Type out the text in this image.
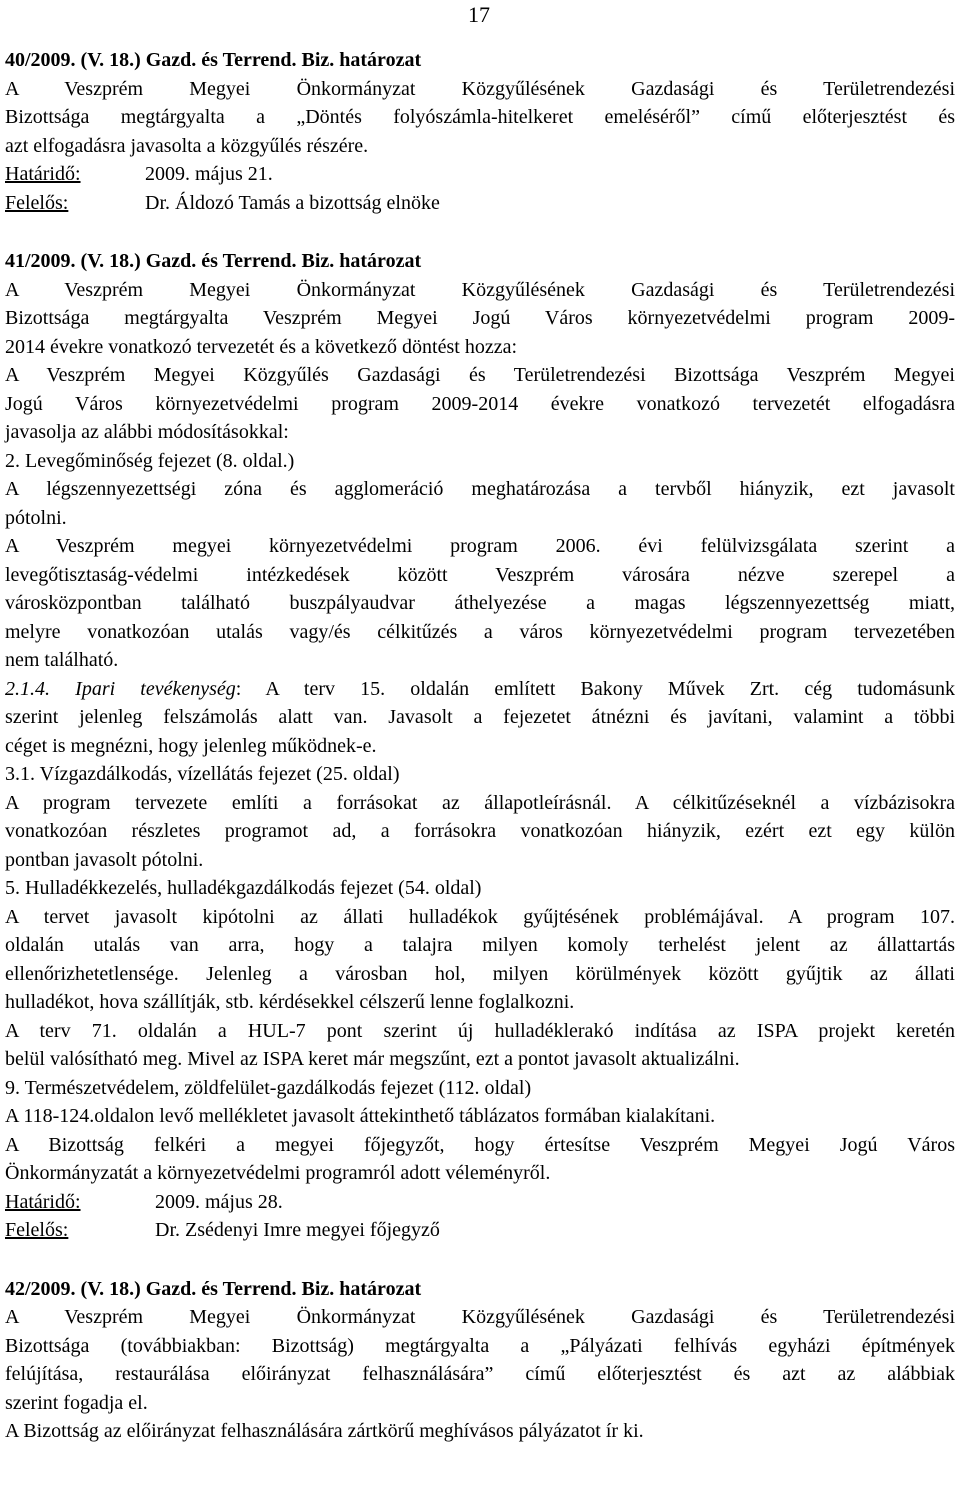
17
40/2009. (V. 18.) Gazd. és Terrend. Biz. határozat
A Veszprém Megyei Önkormányzat Közgyűlésének Gazdasági és Területrendezési
Bizottsága megtárgyalta a „Döntés folyószámla-hitelkeret emeléséről” című előterjesztést és
azt elfogadásra javasolta a közgyűlés részére.
Határidő:	2009. május 21.
Felelős:	Dr. Áldozó Tamás a bizottság elnöke
41/2009. (V. 18.) Gazd. és Terrend. Biz. határozat
A Veszprém Megyei Önkormányzat Közgyűlésének Gazdasági és Területrendezési
Bizottsága megtárgyalta Veszprém Megyei Jogú Város környezetvédelmi program 2009-
2014 évekre vonatkozó tervezetét és a következő döntést hozza:
A Veszprém Megyei Közgyűlés Gazdasági és Területrendezési Bizottsága Veszprém Megyei
Jogú Város környezetvédelmi program 2009-2014 évekre vonatkozó tervezetét elfogadásra
javasolja az alábbi módosításokkal:
2. Levegőminőség fejezet (8. oldal.)
A légszennyezettségi zóna és agglomeráció meghatározása a tervből hiányzik, ezt javasolt
pótolni.
A Veszprém megyei környezetvédelmi program 2006. évi felülvizsgálata szerint a
levegőtisztaság-védelmi intézkedések között Veszprém városára nézve szerepel a
városközpontban található buszpályaudvar áthelyezése a magas légszennyezettség miatt,
melyre vonatkozóan utalás vagy/és célkitűzés a város környezetvédelmi program tervezetében
nem található.
2.1.4. Ipari tevékenység: A terv 15. oldalán említett Bakony Művek Zrt. cég tudomásunk
szerint jelenleg felszámolás alatt van. Javasolt a fejezetet átnézni és javítani, valamint a többi
céget is megnézni, hogy jelenleg működnek-e.
3.1. Vízgazdálkodás, vízellátás fejezet (25. oldal)
A program tervezete említi a forrásokat az állapotleírásnál. A célkitűzéseknél a vízbázisokra
vonatkozóan részletes programot ad, a forrásokra vonatkozóan hiányzik, ezért ezt egy külön
pontban javasolt pótolni.
5. Hulladékkezelés, hulladékgazdálkodás fejezet (54. oldal)
A tervet javasolt kipótolni az állati hulladékok gyűjtésének problémájával. A program 107.
oldalán utalás van arra, hogy a talajra milyen komoly terhelést jelent az állattartás
ellenőrizhetetlensége. Jelenleg a városban hol, milyen körülmények között gyűjtik az állati
hulladékot, hova szállítják, stb. kérdésekkel célszerű lenne foglalkozni.
A terv 71. oldalán a HUL-7 pont szerint új hulladéklerakó indítása az ISPA projekt keretén
belül valósítható meg. Mivel az ISPA keret már megszűnt, ezt a pontot javasolt aktualizálni.
9. Természetvédelem, zöldfelület-gazdálkodás fejezet (112. oldal)
A 118-124.oldalon levő mellékletet javasolt áttekinthető táblázatos formában kialakítani.
A Bizottság felkéri a megyei főjegyzőt, hogy értesítse Veszprém Megyei Jogú Város
Önkormányzatát a környezetvédelmi programról adott véleményről.
Határidő:	2009. május 28.
Felelős:	Dr. Zsédenyi Imre megyei főjegyző
42/2009. (V. 18.) Gazd. és Terrend. Biz. határozat
A Veszprém Megyei Önkormányzat Közgyűlésének Gazdasági és Területrendezési
Bizottsága (továbbiakban: Bizottság) megtárgyalta a „Pályázati felhívás egyházi építmények
felújítása, restaurálása előirányzat felhasználására” című előterjesztést és azt az alábbiak
szerint fogadja el.
A Bizottság az előirányzat felhasználására zártkörű meghívásos pályázatot ír ki.
